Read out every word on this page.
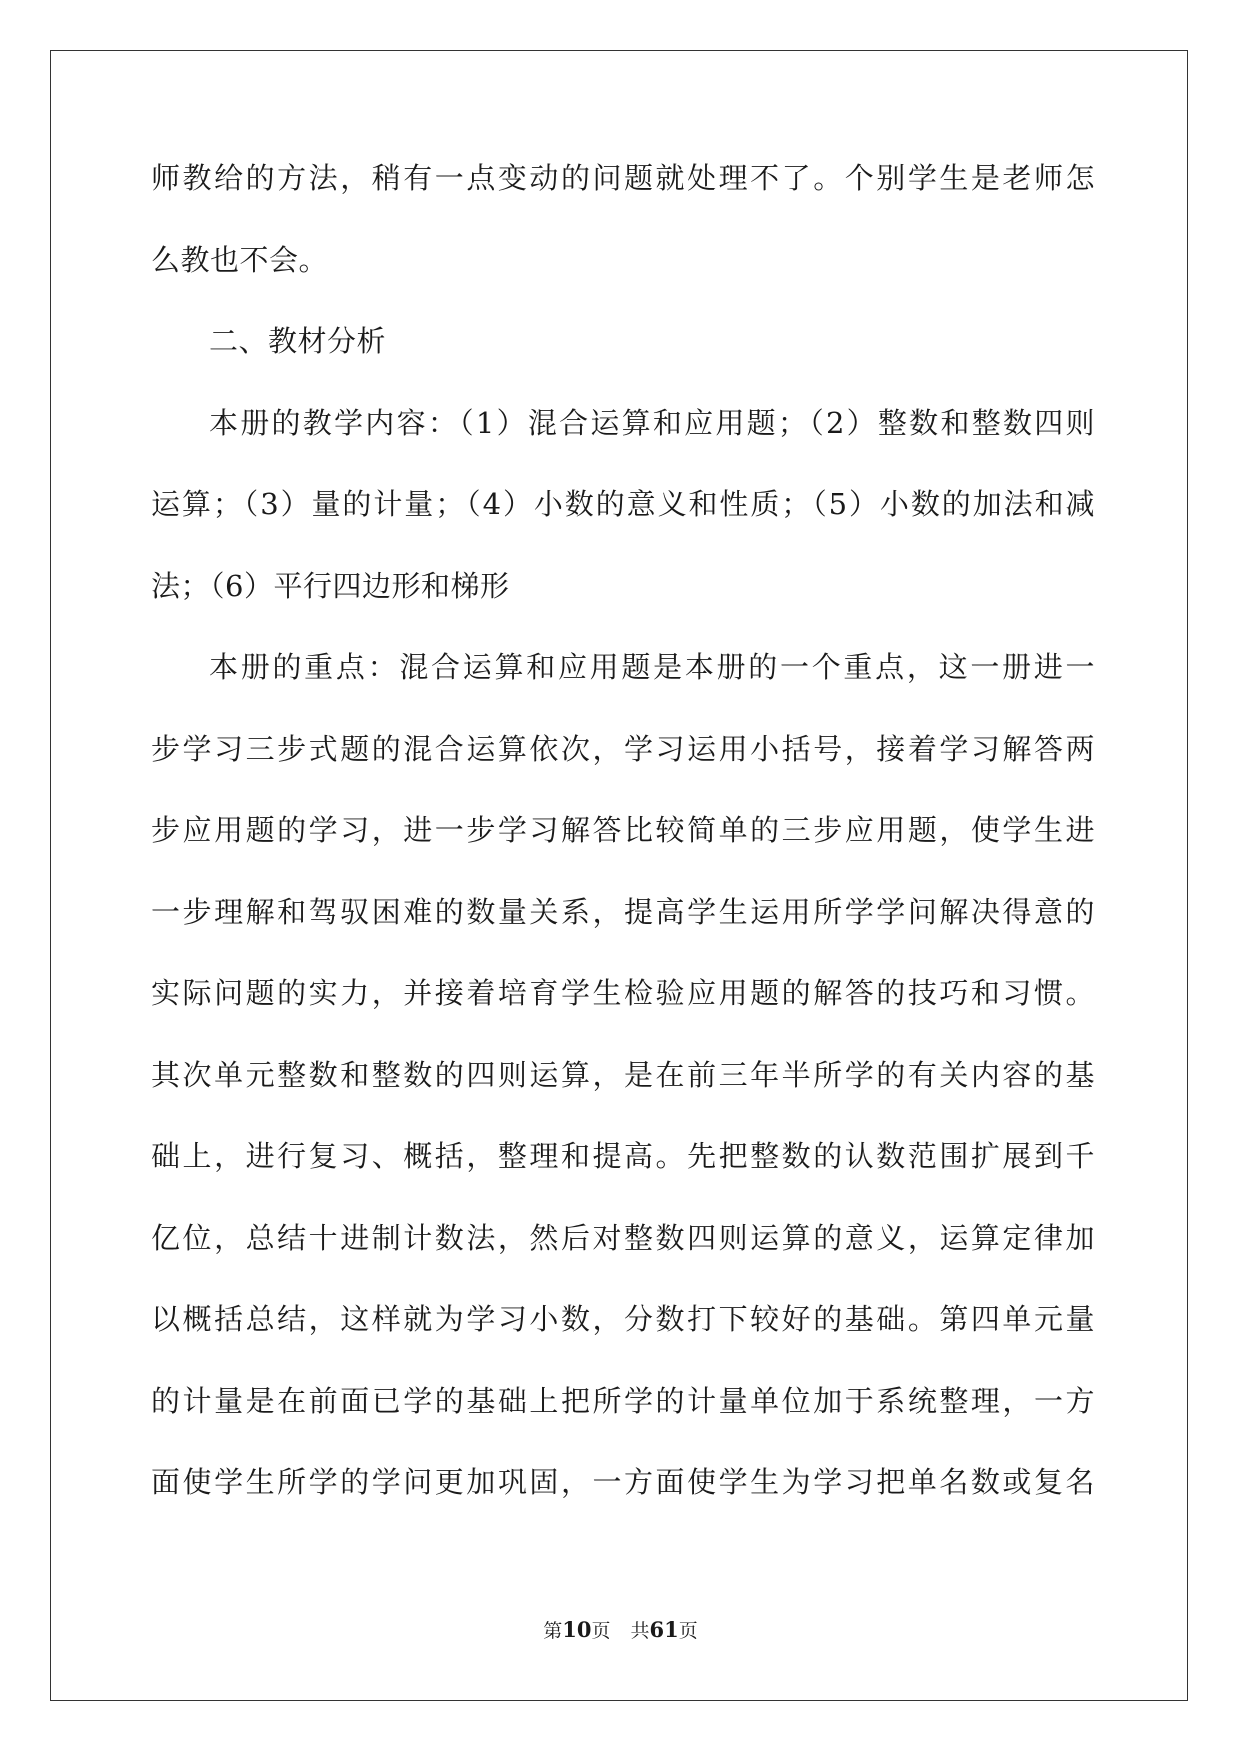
师教给的方法，稍有一点变动的问题就处理不了。个别学生是老师怎
么教也不会。
二、教材分析
本册的教学内容：（1）混合运算和应用题；（2）整数和整数四则
运算；（3）量的计量；（4）小数的意义和性质；（5）小数的加法和减
法；（6）平行四边形和梯形
本册的重点：混合运算和应用题是本册的一个重点，这一册进一
步学习三步式题的混合运算依次，学习运用小括号，接着学习解答两
步应用题的学习，进一步学习解答比较简单的三步应用题，使学生进
一步理解和驾驭困难的数量关系，提高学生运用所学学问解决得意的
实际问题的实力，并接着培育学生检验应用题的解答的技巧和习惯。
其次单元整数和整数的四则运算，是在前三年半所学的有关内容的基
础上，进行复习、概括，整理和提高。先把整数的认数范围扩展到千
亿位，总结十进制计数法，然后对整数四则运算的意义，运算定律加
以概括总结，这样就为学习小数，分数打下较好的基础。第四单元量
的计量是在前面已学的基础上把所学的计量单位加于系统整理，一方
面使学生所学的学问更加巩固，一方面使学生为学习把单名数或复名
第10页 共61页
